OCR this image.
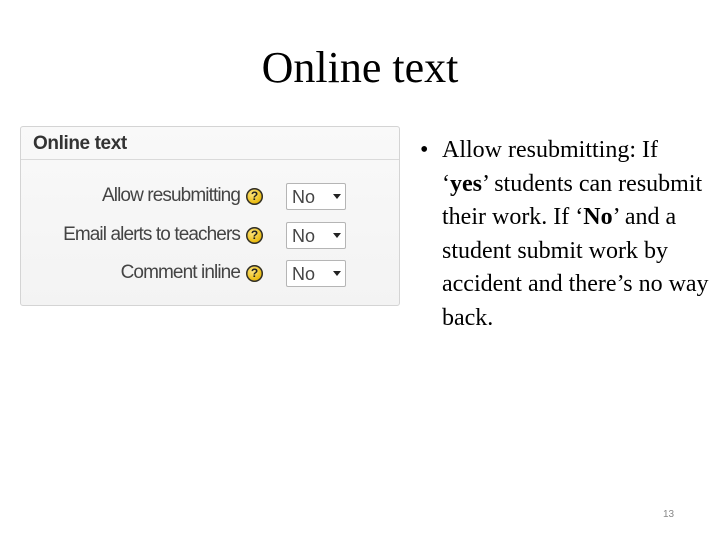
Online text
Online text
Allow resubmitting ? No
Email alerts to teachers ? No
Comment inline ? No
• Allow resubmitting: If ‘yes’ students can resubmit their work. If ‘No’ and a student submit work by accident and there’s no way back.
13
